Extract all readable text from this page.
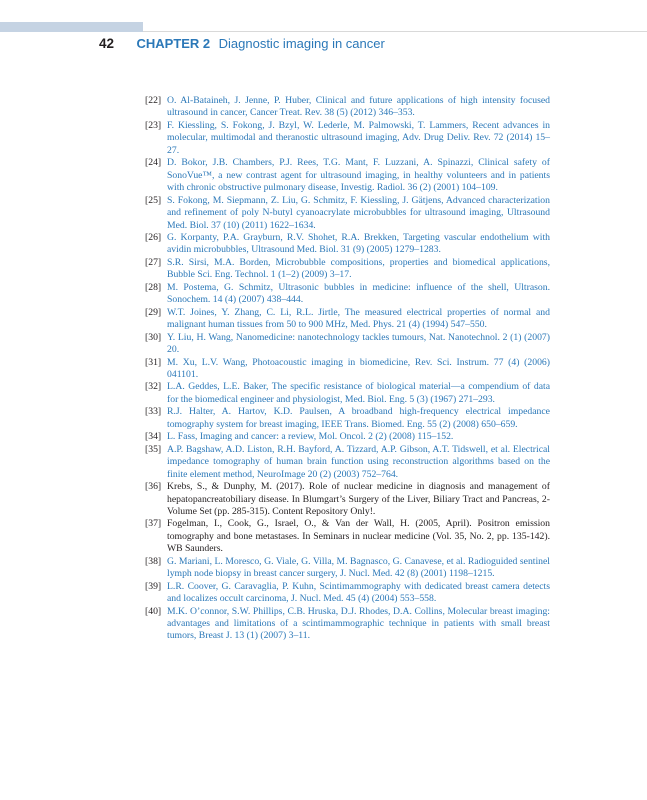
42 CHAPTER 2 Diagnostic imaging in cancer
[22] O. Al-Bataineh, J. Jenne, P. Huber, Clinical and future applications of high intensity focused ultrasound in cancer, Cancer Treat. Rev. 38 (5) (2012) 346–353.
[23] F. Kiessling, S. Fokong, J. Bzyl, W. Lederle, M. Palmowski, T. Lammers, Recent advances in molecular, multimodal and theranostic ultrasound imaging, Adv. Drug Deliv. Rev. 72 (2014) 15–27.
[24] D. Bokor, J.B. Chambers, P.J. Rees, T.G. Mant, F. Luzzani, A. Spinazzi, Clinical safety of SonoVue™, a new contrast agent for ultrasound imaging, in healthy volunteers and in patients with chronic obstructive pulmonary disease, Investig. Radiol. 36 (2) (2001) 104–109.
[25] S. Fokong, M. Siepmann, Z. Liu, G. Schmitz, F. Kiessling, J. Gätjens, Advanced characterization and refinement of poly N-butyl cyanoacrylate microbubbles for ultrasound imaging, Ultrasound Med. Biol. 37 (10) (2011) 1622–1634.
[26] G. Korpanty, P.A. Grayburn, R.V. Shohet, R.A. Brekken, Targeting vascular endothelium with avidin microbubbles, Ultrasound Med. Biol. 31 (9) (2005) 1279–1283.
[27] S.R. Sirsi, M.A. Borden, Microbubble compositions, properties and biomedical applications, Bubble Sci. Eng. Technol. 1 (1–2) (2009) 3–17.
[28] M. Postema, G. Schmitz, Ultrasonic bubbles in medicine: influence of the shell, Ultrason. Sonochem. 14 (4) (2007) 438–444.
[29] W.T. Joines, Y. Zhang, C. Li, R.L. Jirtle, The measured electrical properties of normal and malignant human tissues from 50 to 900 MHz, Med. Phys. 21 (4) (1994) 547–550.
[30] Y. Liu, H. Wang, Nanomedicine: nanotechnology tackles tumours, Nat. Nanotechnol. 2 (1) (2007) 20.
[31] M. Xu, L.V. Wang, Photoacoustic imaging in biomedicine, Rev. Sci. Instrum. 77 (4) (2006) 041101.
[32] L.A. Geddes, L.E. Baker, The specific resistance of biological material—a compendium of data for the biomedical engineer and physiologist, Med. Biol. Eng. 5 (3) (1967) 271–293.
[33] R.J. Halter, A. Hartov, K.D. Paulsen, A broadband high-frequency electrical impedance tomography system for breast imaging, IEEE Trans. Biomed. Eng. 55 (2) (2008) 650–659.
[34] L. Fass, Imaging and cancer: a review, Mol. Oncol. 2 (2) (2008) 115–152.
[35] A.P. Bagshaw, A.D. Liston, R.H. Bayford, A. Tizzard, A.P. Gibson, A.T. Tidswell, et al. Electrical impedance tomography of human brain function using reconstruction algorithms based on the finite element method, NeuroImage 20 (2) (2003) 752–764.
[36] Krebs, S., & Dunphy, M. (2017). Role of nuclear medicine in diagnosis and management of hepatopancreatobiliary disease. In Blumgart’s Surgery of the Liver, Biliary Tract and Pancreas, 2-Volume Set (pp. 285-315). Content Repository Only!.
[37] Fogelman, I., Cook, G., Israel, O., & Van der Wall, H. (2005, April). Positron emission tomography and bone metastases. In Seminars in nuclear medicine (Vol. 35, No. 2, pp. 135-142). WB Saunders.
[38] G. Mariani, L. Moresco, G. Viale, G. Villa, M. Bagnasco, G. Canavese, et al. Radioguided sentinel lymph node biopsy in breast cancer surgery, J. Nucl. Med. 42 (8) (2001) 1198–1215.
[39] L.R. Coover, G. Caravaglia, P. Kuhn, Scintimammography with dedicated breast camera detects and localizes occult carcinoma, J. Nucl. Med. 45 (4) (2004) 553–558.
[40] M.K. O’connor, S.W. Phillips, C.B. Hruska, D.J. Rhodes, D.A. Collins, Molecular breast imaging: advantages and limitations of a scintimammographic technique in patients with small breast tumors, Breast J. 13 (1) (2007) 3–11.
